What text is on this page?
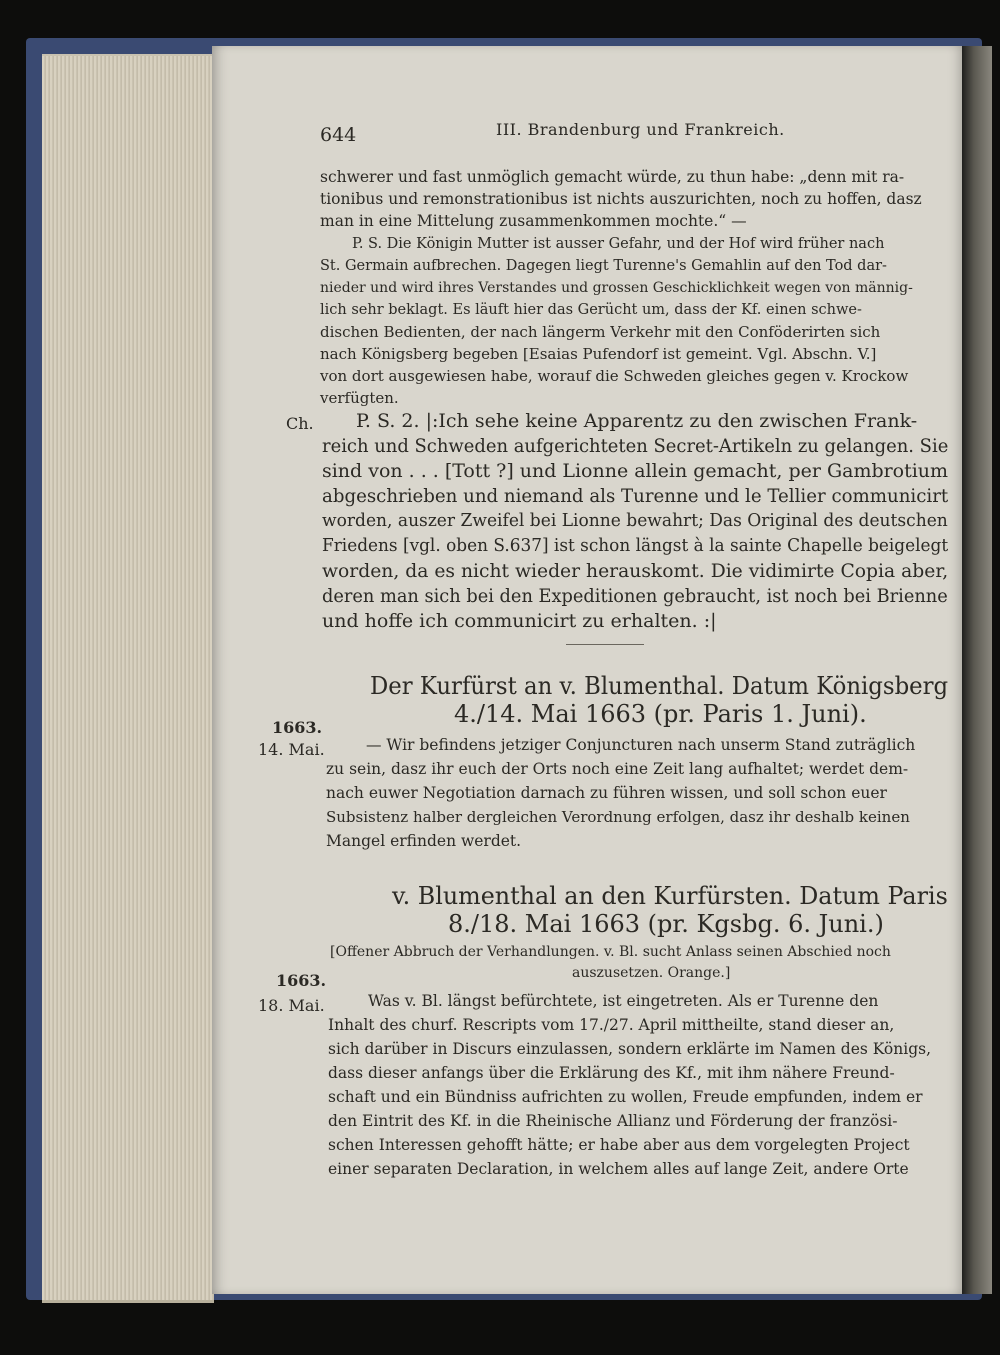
644	III. Brandenburg und Frankreich.
schwerer und fast unmöglich gemacht würde, zu thun habe: „denn mit ra-
tionibus und remonstrationibus ist nichts auszurichten, noch zu hoffen, dasz
man in eine Mittelung zusammenkommen mochte.“ —
P. S. Die Königin Mutter ist ausser Gefahr, und der Hof wird früher nach
St. Germain aufbrechen. Dagegen liegt Turenne's Gemahlin auf den Tod dar-
nieder und wird ihres Verstandes und grossen Geschicklichkeit wegen von männig-
lich sehr beklagt. Es läuft hier das Gerücht um, dass der Kf. einen schwe-
dischen Bedienten, der nach längerm Verkehr mit den Conföderirten sich
nach Königsberg begeben [Esaias Pufendorf ist gemeint. Vgl. Abschn. V.]
von dort ausgewiesen habe, worauf die Schweden gleiches gegen v. Krockow
verfügten.
Ch. P. S. 2. |:Ich sehe keine Apparentz zu den zwischen Frank-
reich und Schweden aufgerichteten Secret-Artikeln zu gelangen. Sie
sind von . . . [Tott ?] und Lionne allein gemacht, per Gambrotium
abgeschrieben und niemand als Turenne und le Tellier communicirt
worden, auszer Zweifel bei Lionne bewahrt; Das Original des deutschen
Friedens [vgl. oben S.637] ist schon längst à la sainte Chapelle beigelegt
worden, da es nicht wieder herauskomt. Die vidimirte Copia aber,
deren man sich bei den Expeditionen gebraucht, ist noch bei Brienne
und hoffe ich communicirt zu erhalten. :|
Der Kurfürst an v. Blumenthal. Datum Königsberg
4./14. Mai 1663 (pr. Paris 1. Juni).
1663.
14. Mai.	— Wir befindens jetziger Conjuncturen nach unserm Stand zuträglich
zu sein, dasz ihr euch der Orts noch eine Zeit lang aufhaltet; werdet dem-
nach euwer Negotiation darnach zu führen wissen, und soll schon euer
Subsistenz halber dergleichen Verordnung erfolgen, dasz ihr deshalb keinen
Mangel erfinden werdet.
v. Blumenthal an den Kurfürsten. Datum Paris
8./18. Mai 1663 (pr. Kgsbg. 6. Juni.)
[Offener Abbruch der Verhandlungen. v. Bl. sucht Anlass seinen Abschied noch
auszusetzen. Orange.]
1663.
18. Mai.	Was v. Bl. längst befürchtete, ist eingetreten. Als er Turenne den
Inhalt des churf. Rescripts vom 17./27. April mittheilte, stand dieser an,
sich darüber in Discurs einzulassen, sondern erklärte im Namen des Königs,
dass dieser anfangs über die Erklärung des Kf., mit ihm nähere Freund-
schaft und ein Bündniss aufrichten zu wollen, Freude empfunden, indem er
den Eintrit des Kf. in die Rheinische Allianz und Förderung der französi-
schen Interessen gehofft hätte; er habe aber aus dem vorgelegten Project
einer separaten Declaration, in welchem alles auf lange Zeit, andere Orte
